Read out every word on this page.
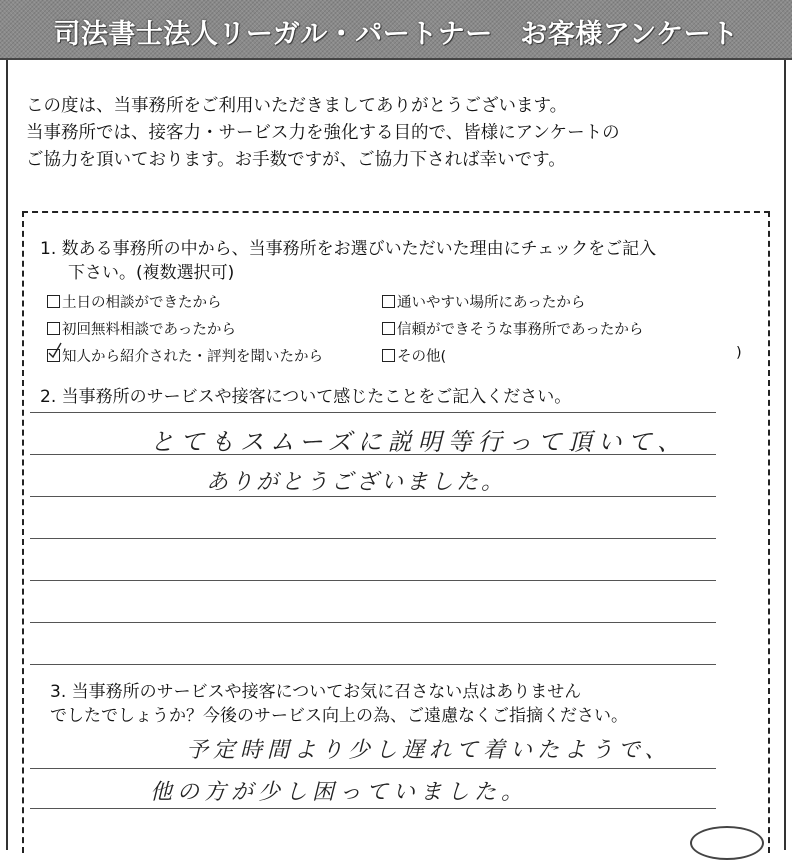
司法書士法人リーガル・パートナー　お客様アンケート
この度は、当事務所をご利用いただきましてありがとうございます。
当事務所では、接客力・サービス力を強化する目的で、皆様にアンケートの
ご協力を頂いております。お手数ですが、ご協力下されば幸いです。
1. 数ある事務所の中から、当事務所をお選びいただいた理由にチェックをご記入
下さい。(複数選択可)
土日の相談ができたから	通いやすい場所にあったから
初回無料相談であったから	信頼ができそうな事務所であったから
知人から紹介された・評判を聞いたから	その他(	)
2. 当事務所のサービスや接客について感じたことをご記入ください。
とてもスムーズに説明等行って頂いて、
ありがとうございました。
3. 当事務所のサービスや接客についてお気に召さない点はありません
でしたでしょうか？今後のサービス向上の為、ご遠慮なくご指摘ください。
予定時間より少し遅れて着いたようで、
他の方が少し困っていました。
